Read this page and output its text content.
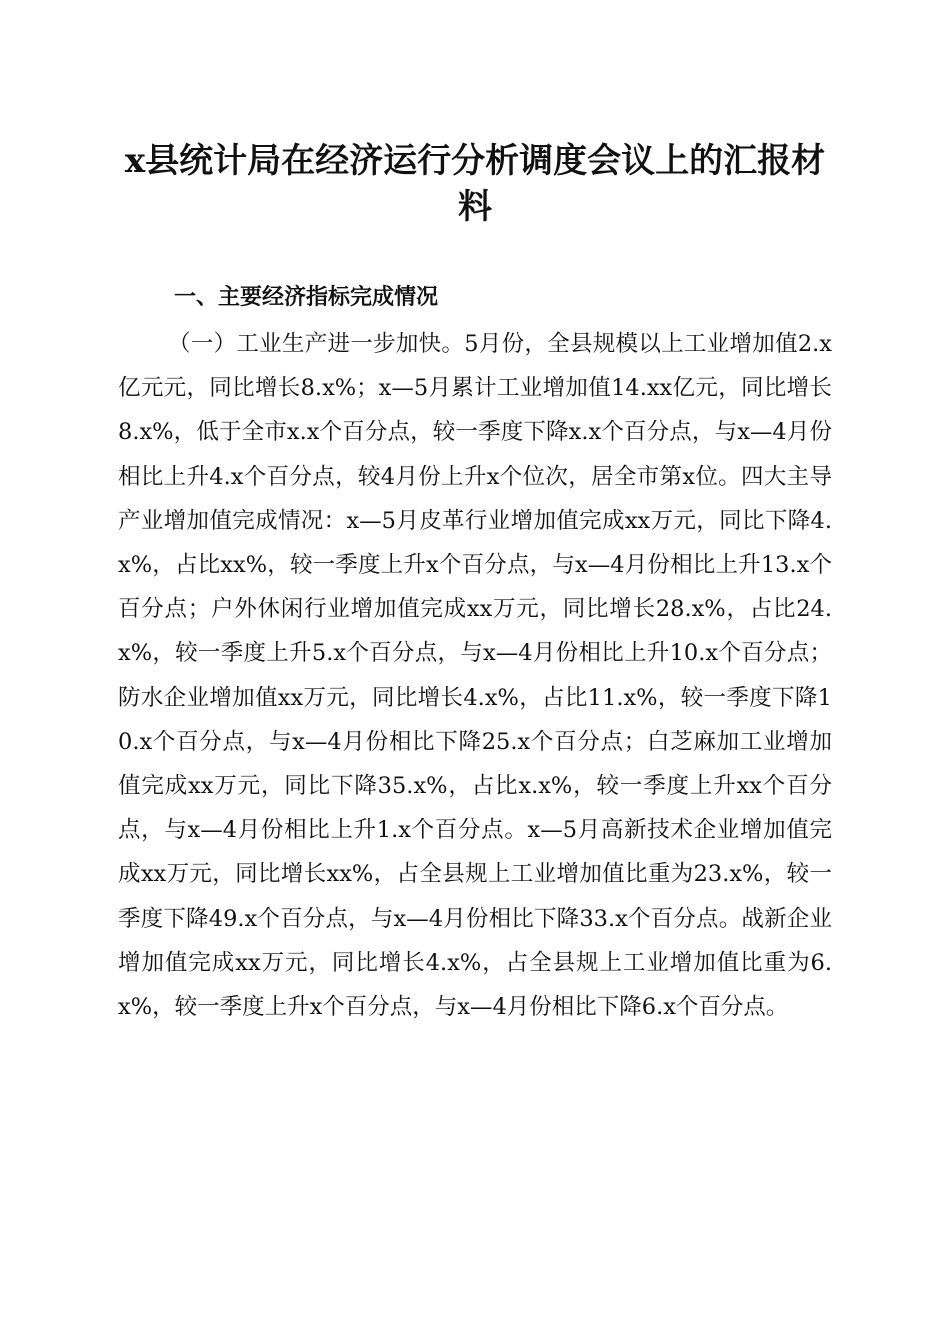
x县统计局在经济运行分析调度会议上的汇报材料
一、主要经济指标完成情况

（一）工业生产进一步加快。5月份，全县规模以上工业增加值2.x亿元元，同比增长8.x%；x—5月累计工业增加值14.xx亿元，同比增长8.x%，低于全市x.x个百分点，较一季度下降x.x个百分点，与x—4月份相比上升4.x个百分点，较4月份上升x个位次，居全市第x位。四大主导产业增加值完成情况：x—5月皮革行业增加值完成xx万元，同比下降4.x%，占比xx%，较一季度上升x个百分点，与x—4月份相比上升13.x个百分点；户外休闲行业增加值完成xx万元，同比增长28.x%，占比24.x%，较一季度上升5.x个百分点，与x—4月份相比上升10.x个百分点；防水企业增加值xx万元，同比增长4.x%，占比11.x%，较一季度下降10.x个百分点，与x—4月份相比下降25.x个百分点；白芝麻加工业增加值完成xx万元，同比下降35.x%，占比x.x%，较一季度上升xx个百分点，与x—4月份相比上升1.x个百分点。x—5月高新技术企业增加值完成xx万元，同比增长xx%，占全县规上工业增加值比重为23.x%，较一季度下降49.x个百分点，与x—4月份相比下降33.x个百分点。战新企业增加值完成xx万元，同比增长4.x%，占全县规上工业增加值比重为6.x%，较一季度上升x个百分点，与x—4月份相比下降6.x个百分点。
